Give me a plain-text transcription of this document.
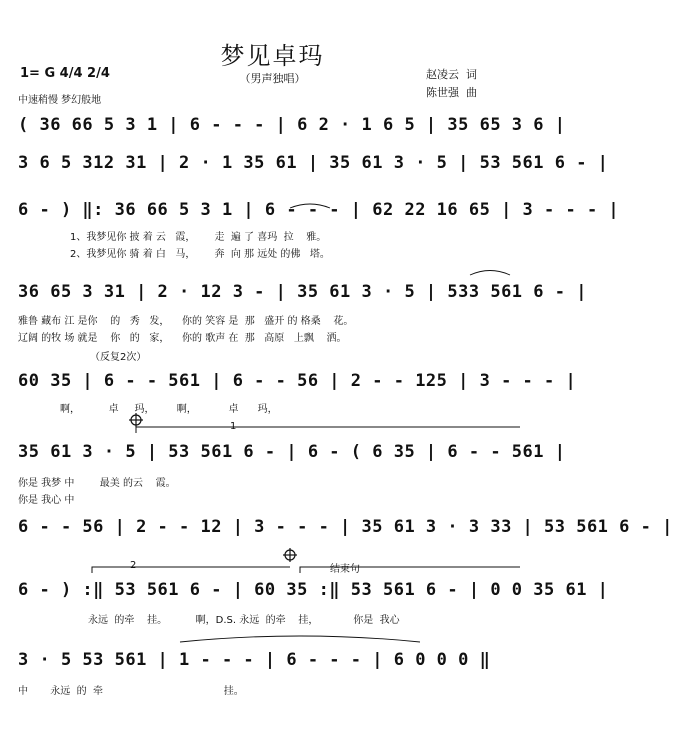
梦见卓玛
（男声独唱）
1= G 4/4 2/4
中速稍慢 梦幻般地
赵凌云  词
陈世强  曲
( 36 66 5 3 1 | 6 - - - | 6 2 · 1 6 5 | 35 65 3 6 |
3 6 5 312 31 | 2 · 1 35 61 | 35 61 3 · 5 | 53 561 6 - |
6 - ) ‖: 36 66 5 3 1 | 6 - - - | 62 22 16 65 | 3 - - - |
1、我梦见你 披 着 云   霞，      走  遍 了 喜玛  拉    雅。
2、我梦见你 骑 着 白   马，      奔  向 那 远处 的佛   塔。
36 65 3 31 | 2 · 12 3 - | 35 61 3 · 5 | 533 561 6 - |
雅鲁 藏布 江 是你    的   秀   发，    你的 笑容 是  那   盛开 的 格桑    花。
辽阔 的牧 场 就是    你   的   家，    你的 歌声 在  那   高原   上飘    洒。
（反复2次）
60 35 | 6 - - 561 | 6 - - 56 | 2 - - 125 | 3 - - - |
啊，         卓     玛，       啊，          卓      玛，
1
35 61 3 · 5 | 53 561 6 - | 6 - ( 6 35 | 6 - - 561 |
你是 我梦 中        最美 的云    霞。
你是 我心 中
6 - - 56 | 2 - - 12 | 3 - - - | 35 61 3 · 3 33 | 53 561 6 - |
2	结束句
6 - ) :‖ 53 561 6 - | 60 35 :‖ 53 561 6 - | 0 0 35 61 |
永远  的牵    挂。         啊，D.S. 永远  的牵    挂，           你是  我心
3 · 5 53 561 | 1 - - - | 6 - - - | 6 0 0 0 ‖
中       永远  的  牵                                      挂。
